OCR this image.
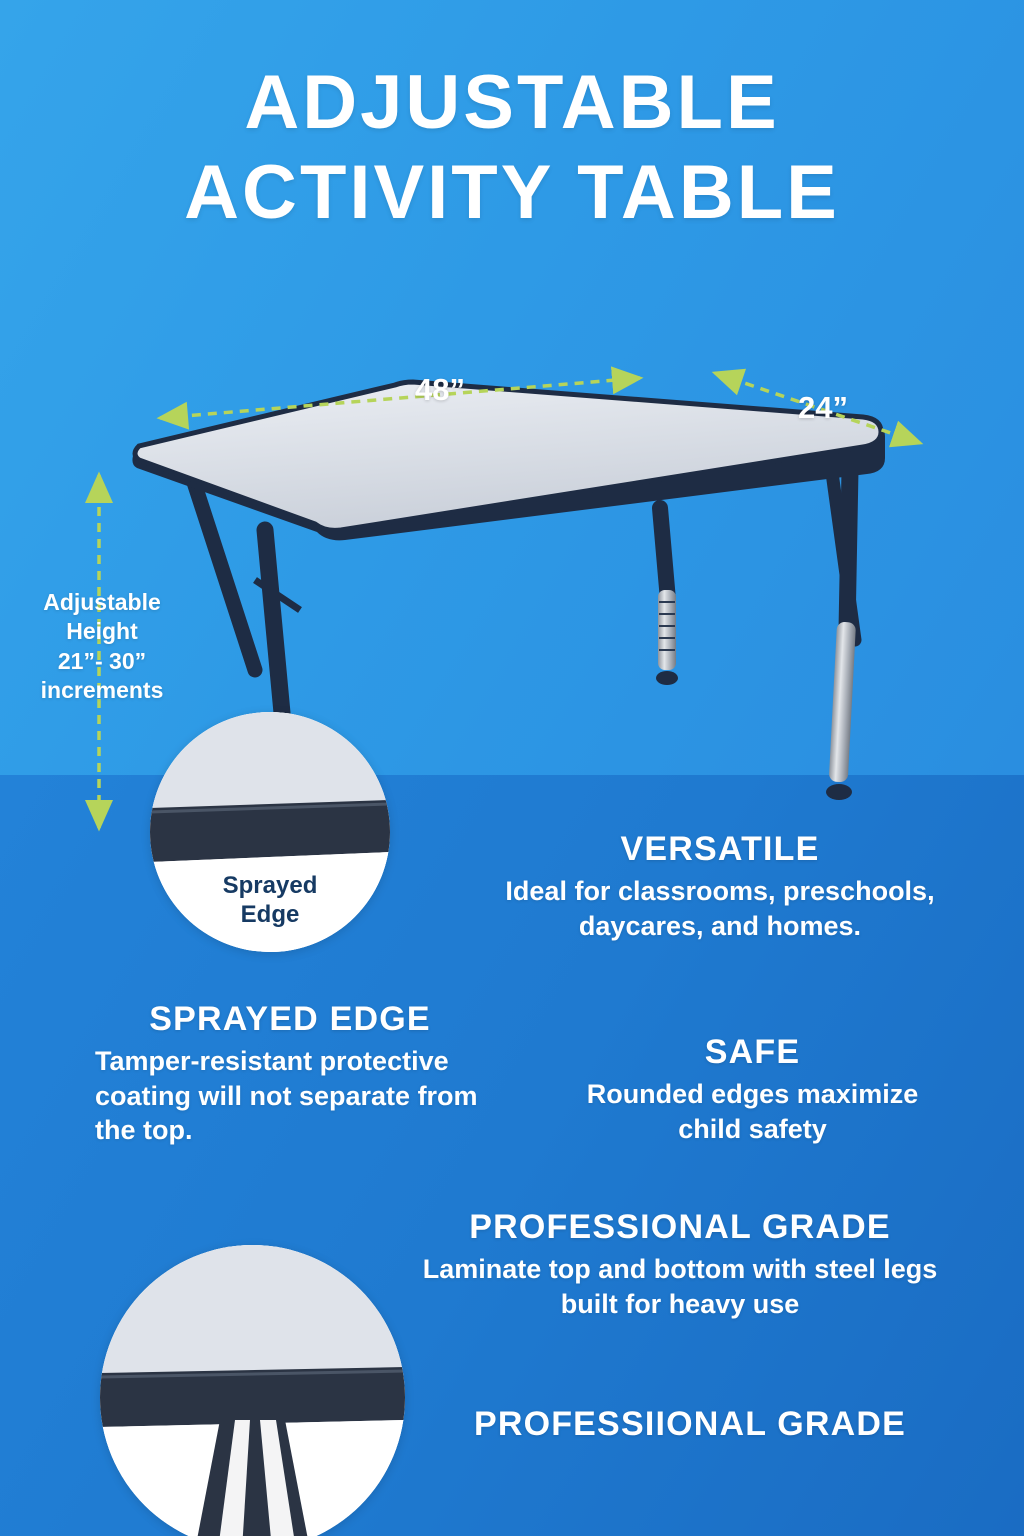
ADJUSTABLE
ACTIVITY TABLE
48”
24”
Adjustable
Height
21”- 30”
increments
Sprayed
Edge
VERSATILE

Ideal for classrooms, preschools, daycares, and homes.

SPRAYED EDGE

Tamper-resistant protective coating will not separate from the top.

SAFE

Rounded edges maximize child safety

PROFESSIONAL GRADE

Laminate top and bottom with steel legs built for heavy use

PROFESSIIONAL GRADE
